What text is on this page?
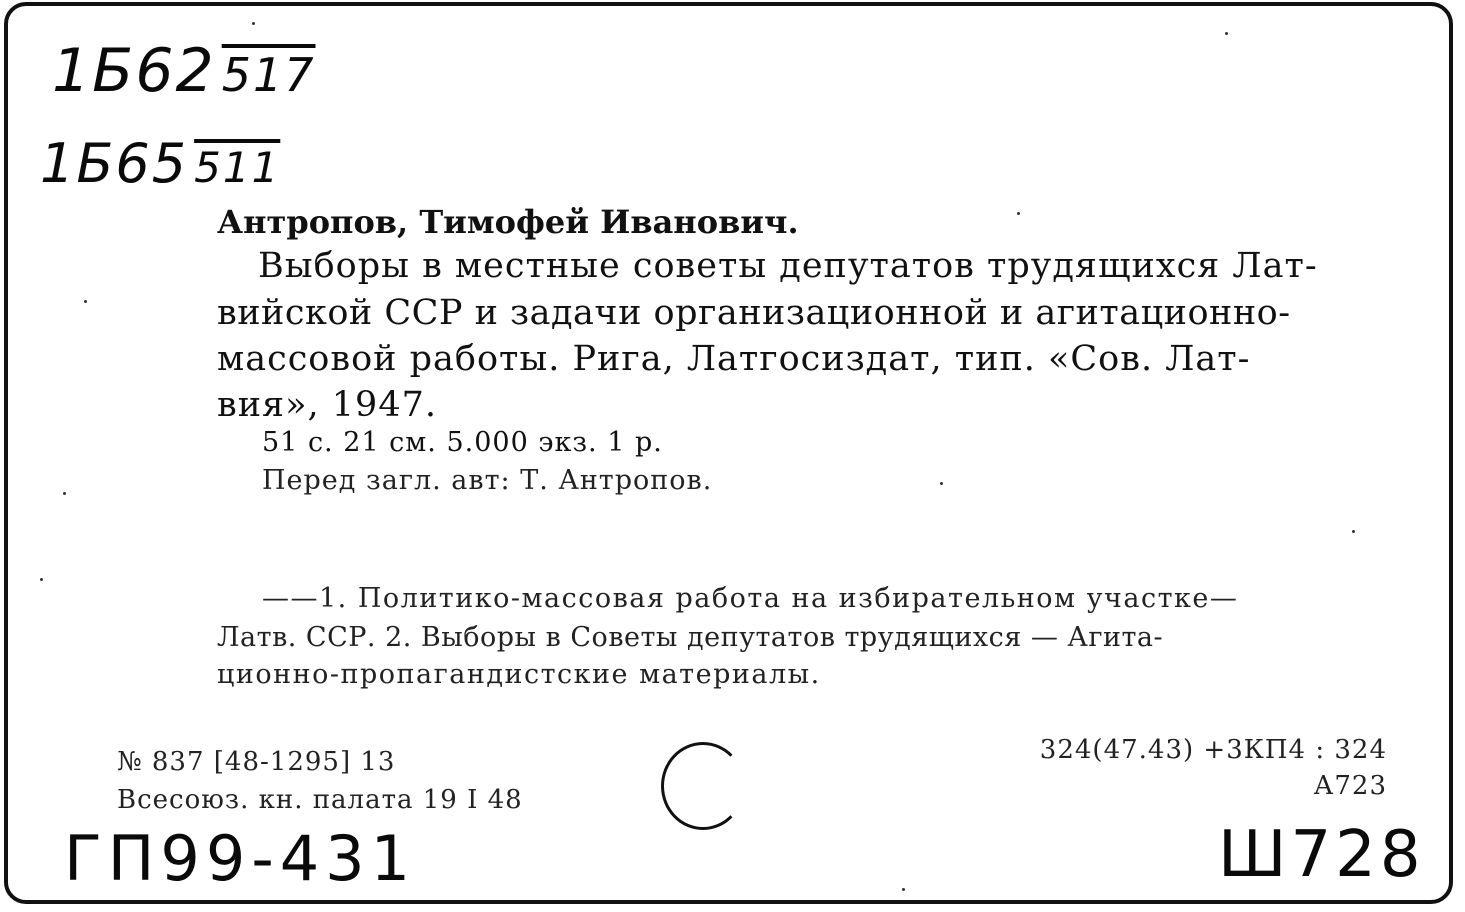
1Б62 517
1Б65 511
Антропов, Тимофей Иванович.
Выборы в местные советы депутатов трудящихся Лат-
вийской ССР и задачи организационной и агитационно-
массовой работы. Рига, Латгосиздат, тип. «Сов. Лат-
вия», 1947.
51 с. 21 см. 5.000 экз. 1 р.
Перед загл. авт: Т. Антропов.
——1. Политико-массовая работа на избирательном участке—
Латв. ССР. 2. Выборы в Советы депутатов трудящихся — Агита-
ционно-пропагандистские материалы.
№ 837 [48-1295] 13
Всесоюз. кн. палата 19 I 48
324(47.43) +3КП4 : 324
А723
ГП99-431	Ш728
